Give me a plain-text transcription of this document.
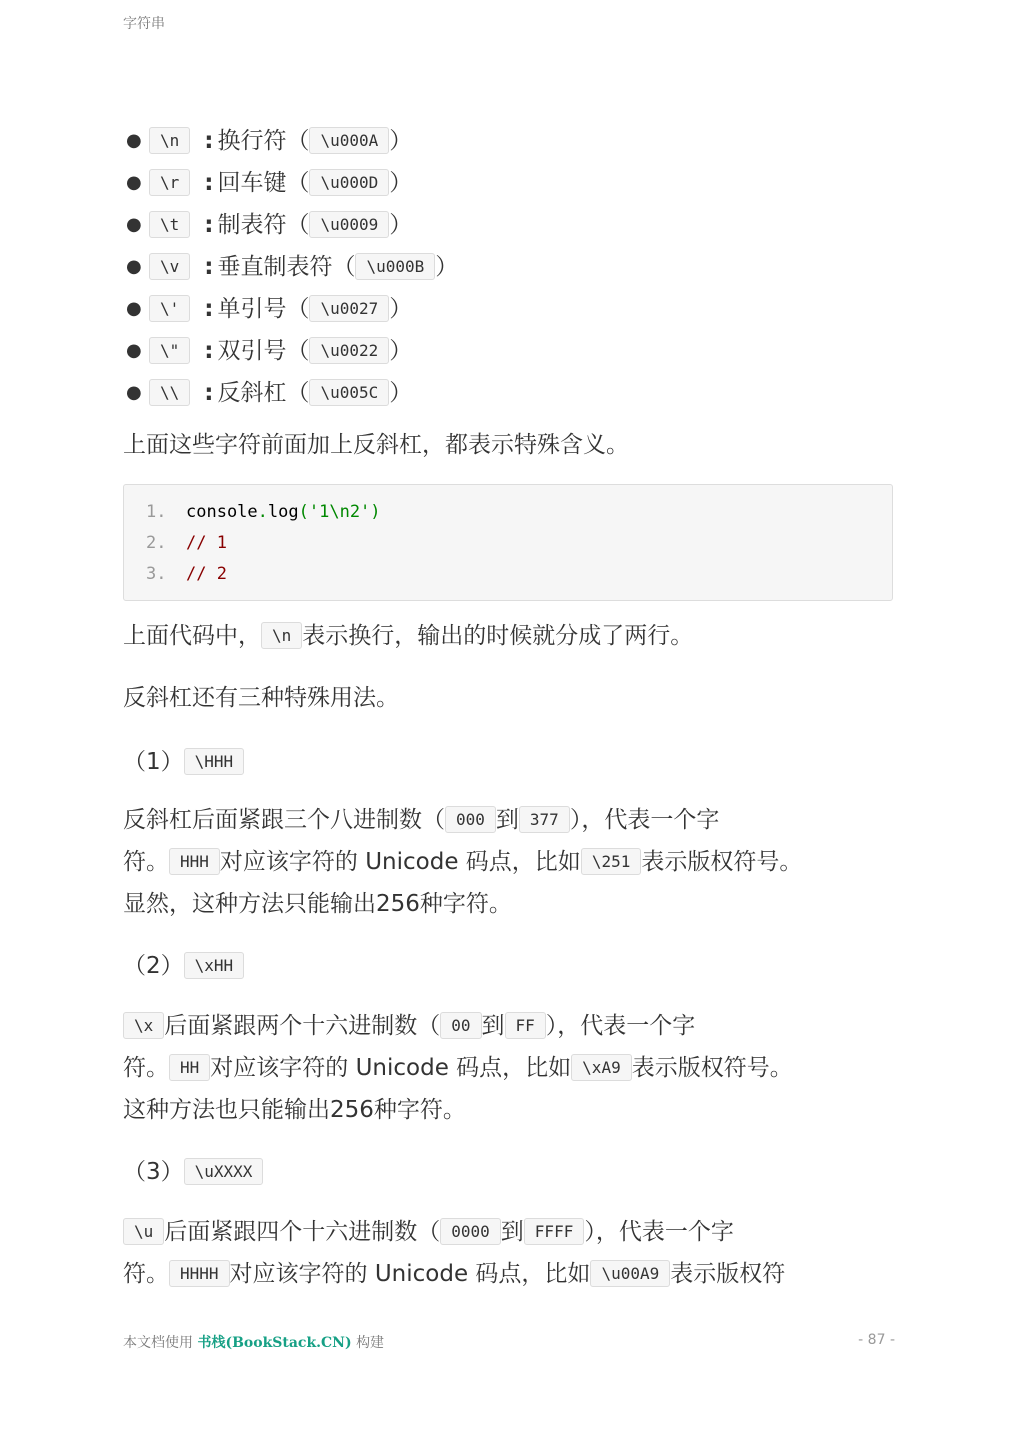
字符串
● \n : 换行符（ \u000A ）
● \r : 回车键（ \u000D ）
● \t : 制表符（ \u0009 ）
● \v : 垂直制表符（ \u000B ）
● \' : 单引号（ \u0027 ）
● \" : 双引号（ \u0022 ）
● \\ : 反斜杠（ \u005C ）

上面这些字符前面加上反斜杠，都表示特殊含义。

1. console.log('1\n2')
2. // 1
3. // 2

上面代码中， \n 表示换行，输出的时候就分成了两行。

反斜杠还有三种特殊用法。

（1） \HHH

反斜杠后面紧跟三个八进制数（ 000 到 377 ），代表一个字

符。 HHH 对应该字符的 Unicode 码点，比如 \251 表示版权符号。

显然，这种方法只能输出256种字符。

（2） \xHH

\x 后面紧跟两个十六进制数（ 00 到 FF ），代表一个字

符。 HH 对应该字符的 Unicode 码点，比如 \xA9 表示版权符号。

这种方法也只能输出256种字符。

（3） \uXXXX

\u 后面紧跟四个十六进制数（ 0000 到 FFFF ），代表一个字

符。 HHHH 对应该字符的 Unicode 码点，比如 \u00A9 表示版权符

本文档使用 书栈(BookStack.CN) 构建	- 87 -
